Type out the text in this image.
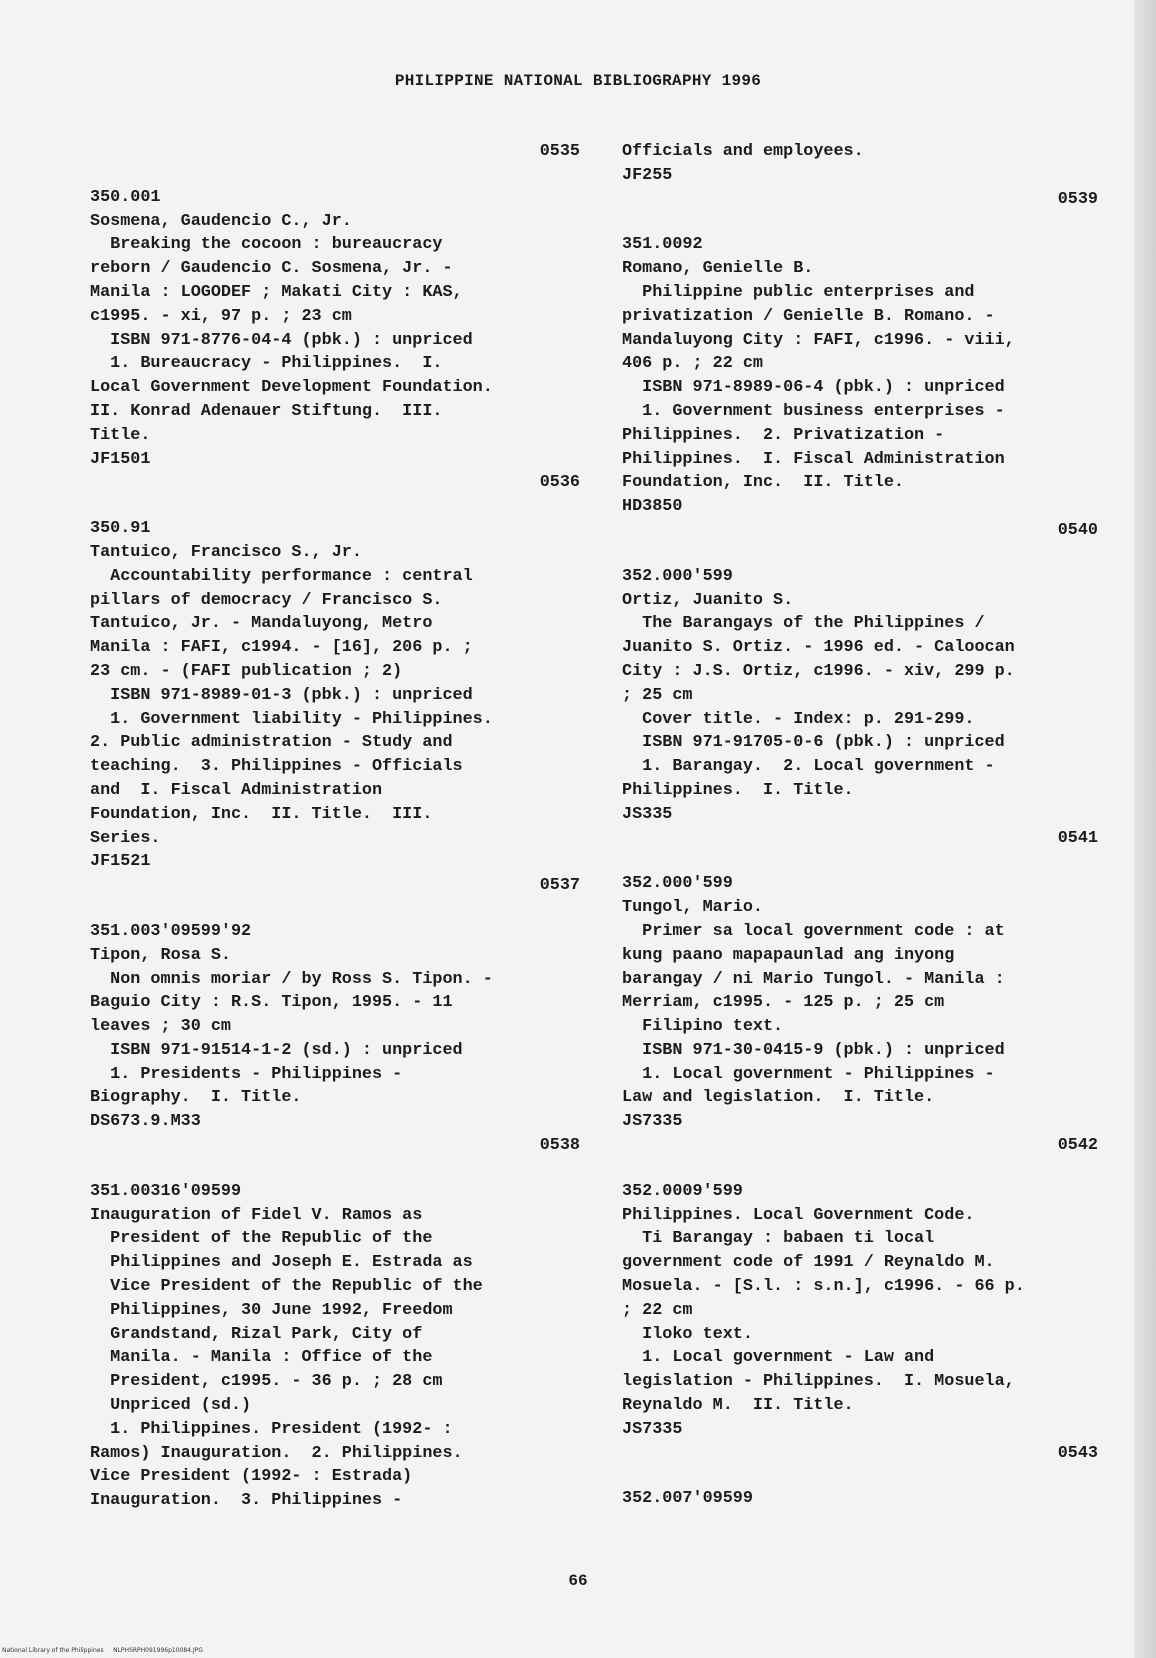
PHILIPPINE NATIONAL BIBLIOGRAPHY 1996
0535
350.001
Sosmena, Gaudencio C., Jr.
Breaking the cocoon : bureaucracy
reborn / Gaudencio C. Sosmena, Jr. -
Manila : LOGODEF ; Makati City : KAS,
c1995. - xi, 97 p. ; 23 cm
ISBN 971-8776-04-4 (pbk.) : unpriced
1. Bureaucracy - Philippines.  I.
Local Government Development Foundation.
II. Konrad Adenauer Stiftung.  III.
Title.
JF1501
0536
350.91
Tantuico, Francisco S., Jr.
Accountability performance : central
pillars of democracy / Francisco S.
Tantuico, Jr. - Mandaluyong, Metro
Manila : FAFI, c1994. - [16], 206 p. ;
23 cm. - (FAFI publication ; 2)
ISBN 971-8989-01-3 (pbk.) : unpriced
1. Government liability - Philippines.
2. Public administration - Study and
teaching.  3. Philippines - Officials
and  I. Fiscal Administration
Foundation, Inc.  II. Title.  III.
Series.
JF1521
0537
351.003'09599'92
Tipon, Rosa S.
Non omnis moriar / by Ross S. Tipon. -
Baguio City : R.S. Tipon, 1995. - 11
leaves ; 30 cm
ISBN 971-91514-1-2 (sd.) : unpriced
1. Presidents - Philippines -
Biography.  I. Title.
DS673.9.M33
0538
351.00316'09599
Inauguration of Fidel V. Ramos as
President of the Republic of the
Philippines and Joseph E. Estrada as
Vice President of the Republic of the
Philippines, 30 June 1992, Freedom
Grandstand, Rizal Park, City of
Manila. - Manila : Office of the
President, c1995. - 36 p. ; 28 cm
Unpriced (sd.)
1. Philippines. President (1992- :
Ramos) Inauguration.  2. Philippines.
Vice President (1992- : Estrada)
Inauguration.  3. Philippines -
Officials and employees.
JF255
0539
351.0092
Romano, Genielle B.
Philippine public enterprises and
privatization / Genielle B. Romano. -
Mandaluyong City : FAFI, c1996. - viii,
406 p. ; 22 cm
ISBN 971-8989-06-4 (pbk.) : unpriced
1. Government business enterprises -
Philippines.  2. Privatization -
Philippines.  I. Fiscal Administration
Foundation, Inc.  II. Title.
HD3850
0540
352.000'599
Ortiz, Juanito S.
The Barangays of the Philippines /
Juanito S. Ortiz. - 1996 ed. - Caloocan
City : J.S. Ortiz, c1996. - xiv, 299 p.
; 25 cm
Cover title. - Index: p. 291-299.
ISBN 971-91705-0-6 (pbk.) : unpriced
1. Barangay.  2. Local government -
Philippines.  I. Title.
JS335
0541
352.000'599
Tungol, Mario.
Primer sa local government code : at
kung paano mapapaunlad ang inyong
barangay / ni Mario Tungol. - Manila :
Merriam, c1995. - 125 p. ; 25 cm
Filipino text.
ISBN 971-30-0415-9 (pbk.) : unpriced
1. Local government - Philippines -
Law and legislation.  I. Title.
JS7335
0542
352.0009'599
Philippines. Local Government Code.
Ti Barangay : babaen ti local
government code of 1991 / Reynaldo M.
Mosuela. - [S.l. : s.n.], c1996. - 66 p.
; 22 cm
Iloko text.
1. Local government - Law and
legislation - Philippines.  I. Mosuela,
Reynaldo M.  II. Title.
JS7335
0543
352.007'09599
66
National Library of the Philippines     NLPHSRPH091996p10084.JPG
